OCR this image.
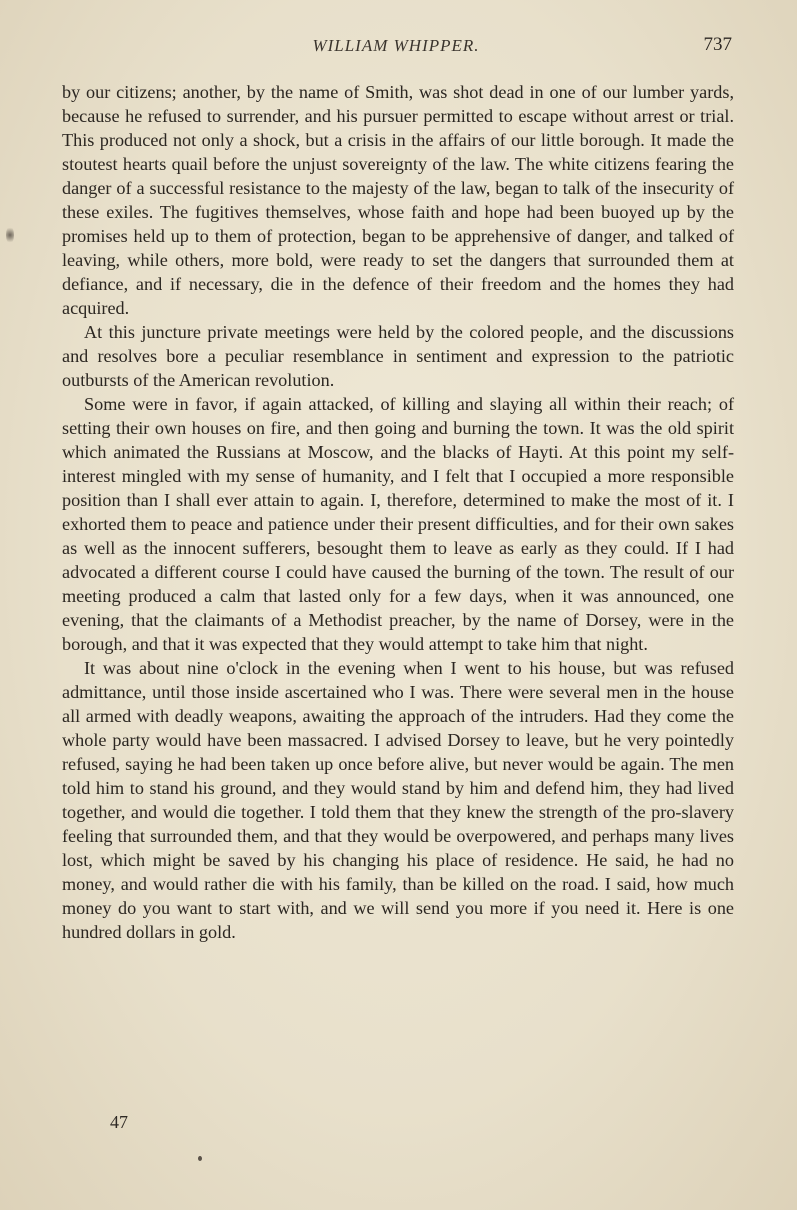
WILLIAM WHIPPER.	737

by our citizens; another, by the name of Smith, was shot dead in one of our lumber yards, because he refused to surrender, and his pursuer permitted to escape without arrest or trial. This produced not only a shock, but a crisis in the affairs of our little borough. It made the stoutest hearts quail before the unjust sovereignty of the law. The white citizens fearing the danger of a successful resistance to the majesty of the law, began to talk of the insecurity of these exiles. The fugitives themselves, whose faith and hope had been buoyed up by the promises held up to them of protection, began to be apprehensive of danger, and talked of leaving, while others, more bold, were ready to set the dangers that surrounded them at defiance, and if necessary, die in the defence of their freedom and the homes they had acquired.

At this juncture private meetings were held by the colored people, and the discussions and resolves bore a peculiar resemblance in sentiment and expression to the patriotic outbursts of the American revolution.

Some were in favor, if again attacked, of killing and slaying all within their reach; of setting their own houses on fire, and then going and burning the town. It was the old spirit which animated the Russians at Moscow, and the blacks of Hayti. At this point my self-interest mingled with my sense of humanity, and I felt that I occupied a more responsible position than I shall ever attain to again. I, therefore, determined to make the most of it. I exhorted them to peace and patience under their present difficulties, and for their own sakes as well as the innocent sufferers, besought them to leave as early as they could. If I had advocated a different course I could have caused the burning of the town. The result of our meeting produced a calm that lasted only for a few days, when it was announced, one evening, that the claimants of a Methodist preacher, by the name of Dorsey, were in the borough, and that it was expected that they would attempt to take him that night.

It was about nine o'clock in the evening when I went to his house, but was refused admittance, until those inside ascertained who I was. There were several men in the house all armed with deadly weapons, awaiting the approach of the intruders. Had they come the whole party would have been massacred. I advised Dorsey to leave, but he very pointedly refused, saying he had been taken up once before alive, but never would be again. The men told him to stand his ground, and they would stand by him and defend him, they had lived together, and would die together. I told them that they knew the strength of the pro-slavery feeling that surrounded them, and that they would be overpowered, and perhaps many lives lost, which might be saved by his changing his place of residence. He said, he had no money, and would rather die with his family, than be killed on the road. I said, how much money do you want to start with, and we will send you more if you need it. Here is one hundred dollars in gold.

47
